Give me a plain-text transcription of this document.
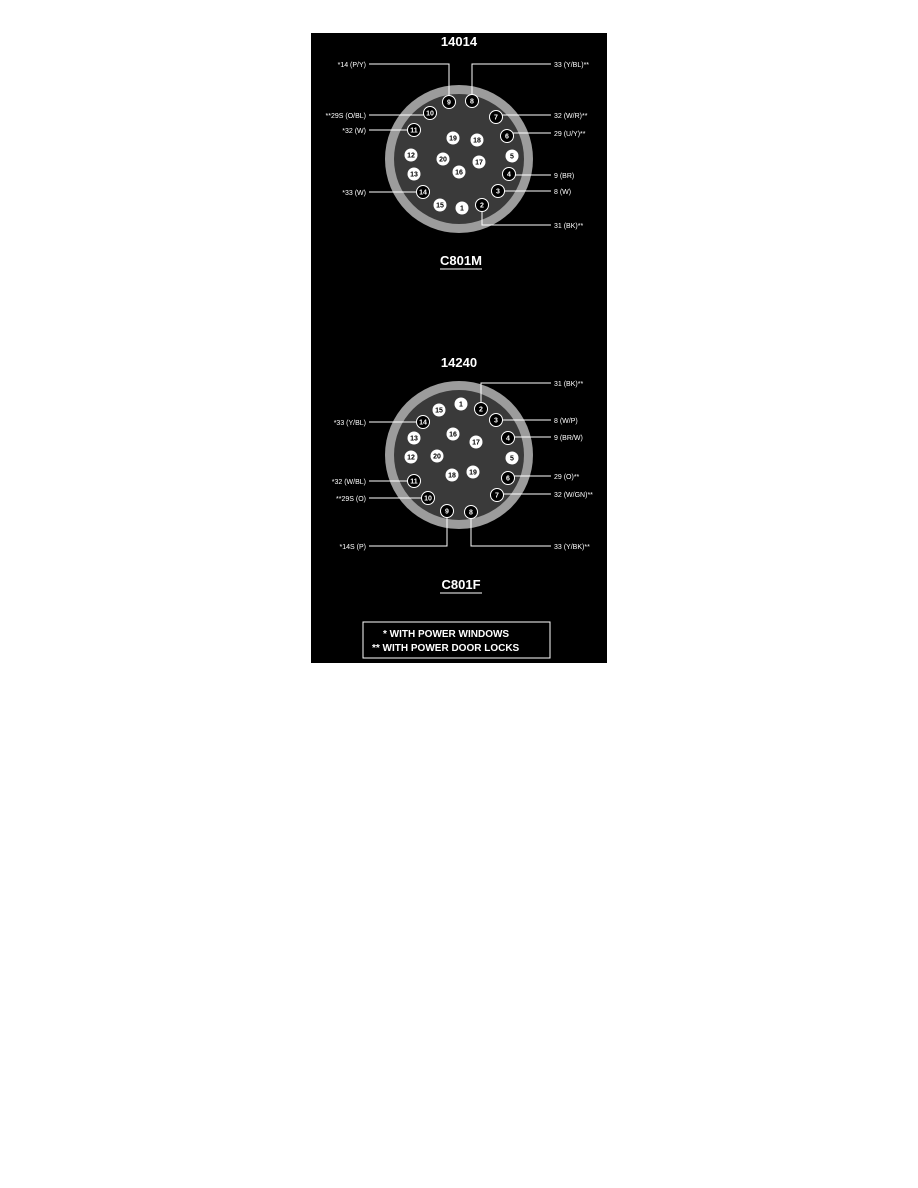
14014
*14 (P/Y)
**29S (O/BL)
*32 (W)
*33 (W)
33 (Y/BL)**
32 (W/R)**
29 (U/Y)**
9 (BR)
8 (W)
31 (BK)**
1 2
3
4
5
6
7
8
9
10
11
12
13
14
15
16
17
18
19
20
C801M
14240
31 (BK)**
8 (W/P)
9 (BR/W)
29 (O)**
32 (W/GN)**
33 (Y/BK)**
*33 (Y/BL)
*32 (W/BL)
**29S (O)
*14S (P)
1
2
3
4
5
6
7
8
9
10
11
12
13
14
15
16
17
18 19
20
C801F
* WITH POWER WINDOWS
** WITH POWER DOOR LOCKS
